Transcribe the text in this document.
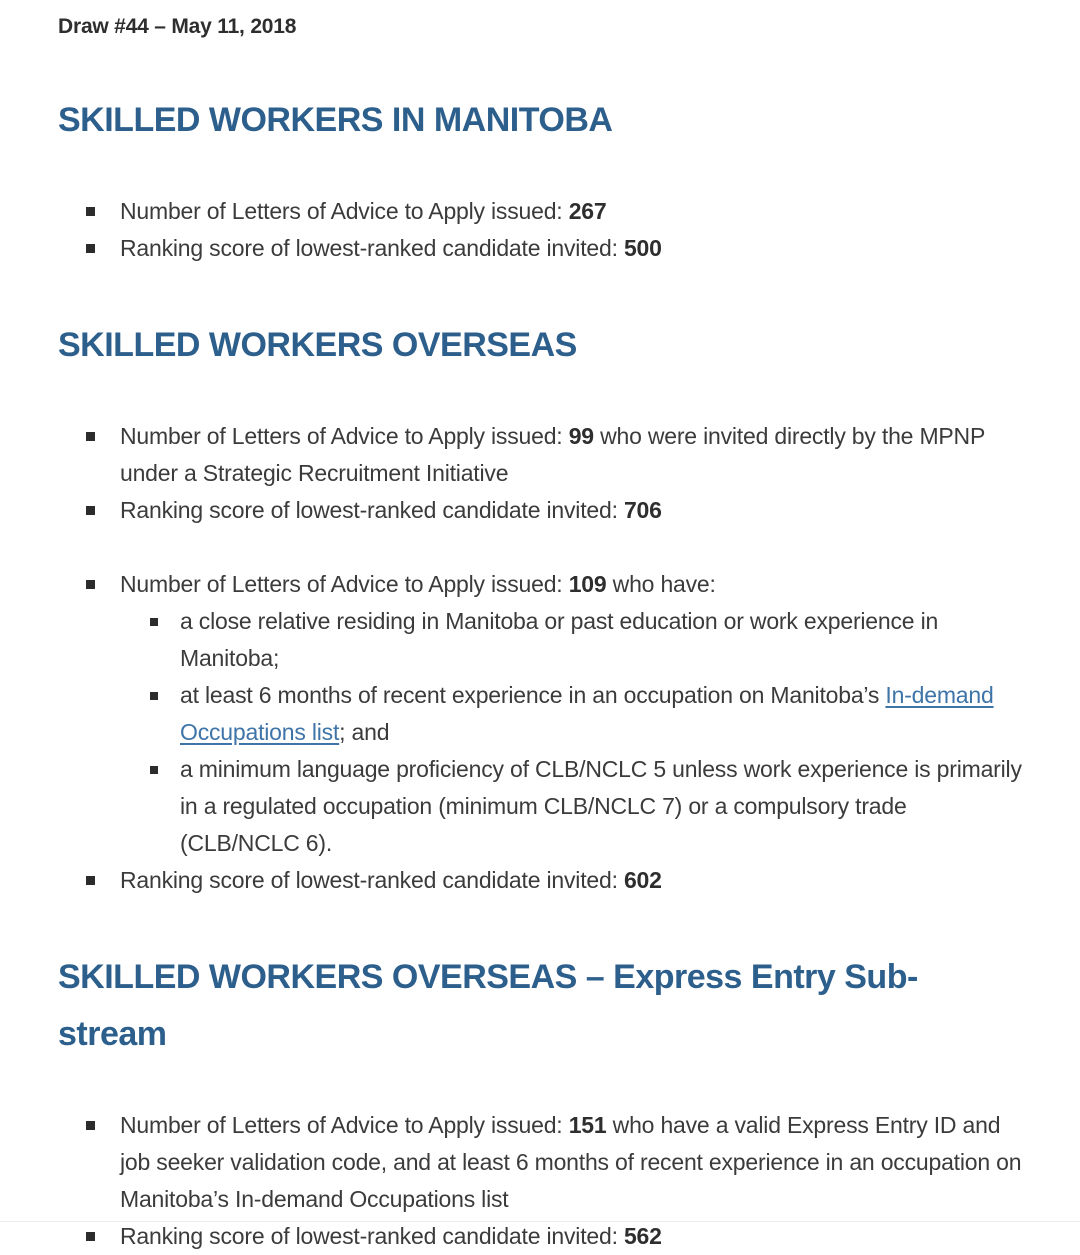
Draw #44 – May 11, 2018
SKILLED WORKERS IN MANITOBA
Number of Letters of Advice to Apply issued: 267
Ranking score of lowest-ranked candidate invited: 500
SKILLED WORKERS OVERSEAS
Number of Letters of Advice to Apply issued: 99 who were invited directly by the MPNP under a Strategic Recruitment Initiative
Ranking score of lowest-ranked candidate invited: 706
Number of Letters of Advice to Apply issued: 109 who have:
a close relative residing in Manitoba or past education or work experience in Manitoba;
at least 6 months of recent experience in an occupation on Manitoba’s In-demand Occupations list; and
a minimum language proficiency of CLB/NCLC 5 unless work experience is primarily in a regulated occupation (minimum CLB/NCLC 7) or a compulsory trade (CLB/NCLC 6).
Ranking score of lowest-ranked candidate invited: 602
SKILLED WORKERS OVERSEAS – Express Entry Sub-stream
Number of Letters of Advice to Apply issued: 151 who have a valid Express Entry ID and job seeker validation code, and at least 6 months of recent experience in an occupation on Manitoba’s In-demand Occupations list
Ranking score of lowest-ranked candidate invited: 562
